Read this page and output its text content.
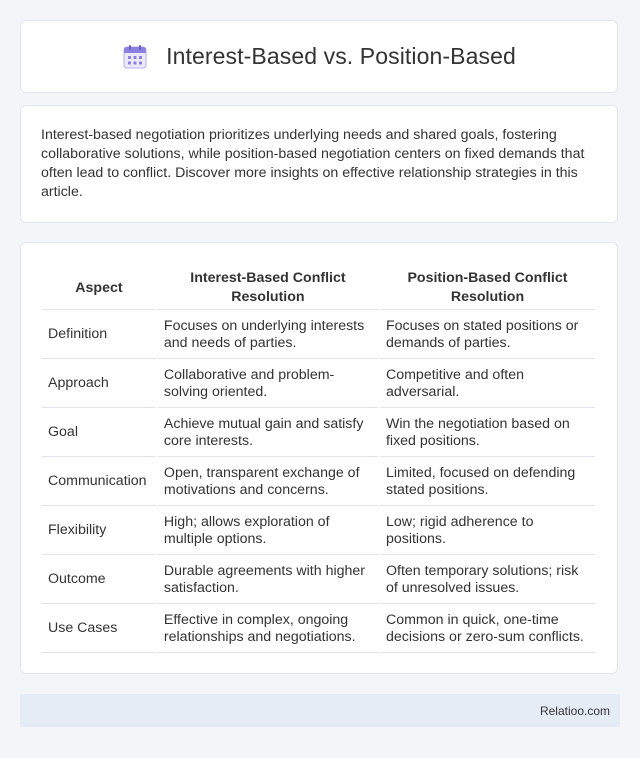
Interest-Based vs. Position-Based

Interest-based negotiation prioritizes underlying needs and shared goals, fostering collaborative solutions, while position-based negotiation centers on fixed demands that often lead to conflict. Discover more insights on effective relationship strategies in this article.

Aspect	Interest-Based Conflict Resolution	Position-Based Conflict Resolution
Definition	Focuses on underlying interests and needs of parties.	Focuses on stated positions or demands of parties.
Approach	Collaborative and problem-solving oriented.	Competitive and often adversarial.
Goal	Achieve mutual gain and satisfy core interests.	Win the negotiation based on fixed positions.
Communication	Open, transparent exchange of motivations and concerns.	Limited, focused on defending stated positions.
Flexibility	High; allows exploration of multiple options.	Low; rigid adherence to positions.
Outcome	Durable agreements with higher satisfaction.	Often temporary solutions; risk of unresolved issues.
Use Cases	Effective in complex, ongoing relationships and negotiations.	Common in quick, one-time decisions or zero-sum conflicts.
Relatioo.com
